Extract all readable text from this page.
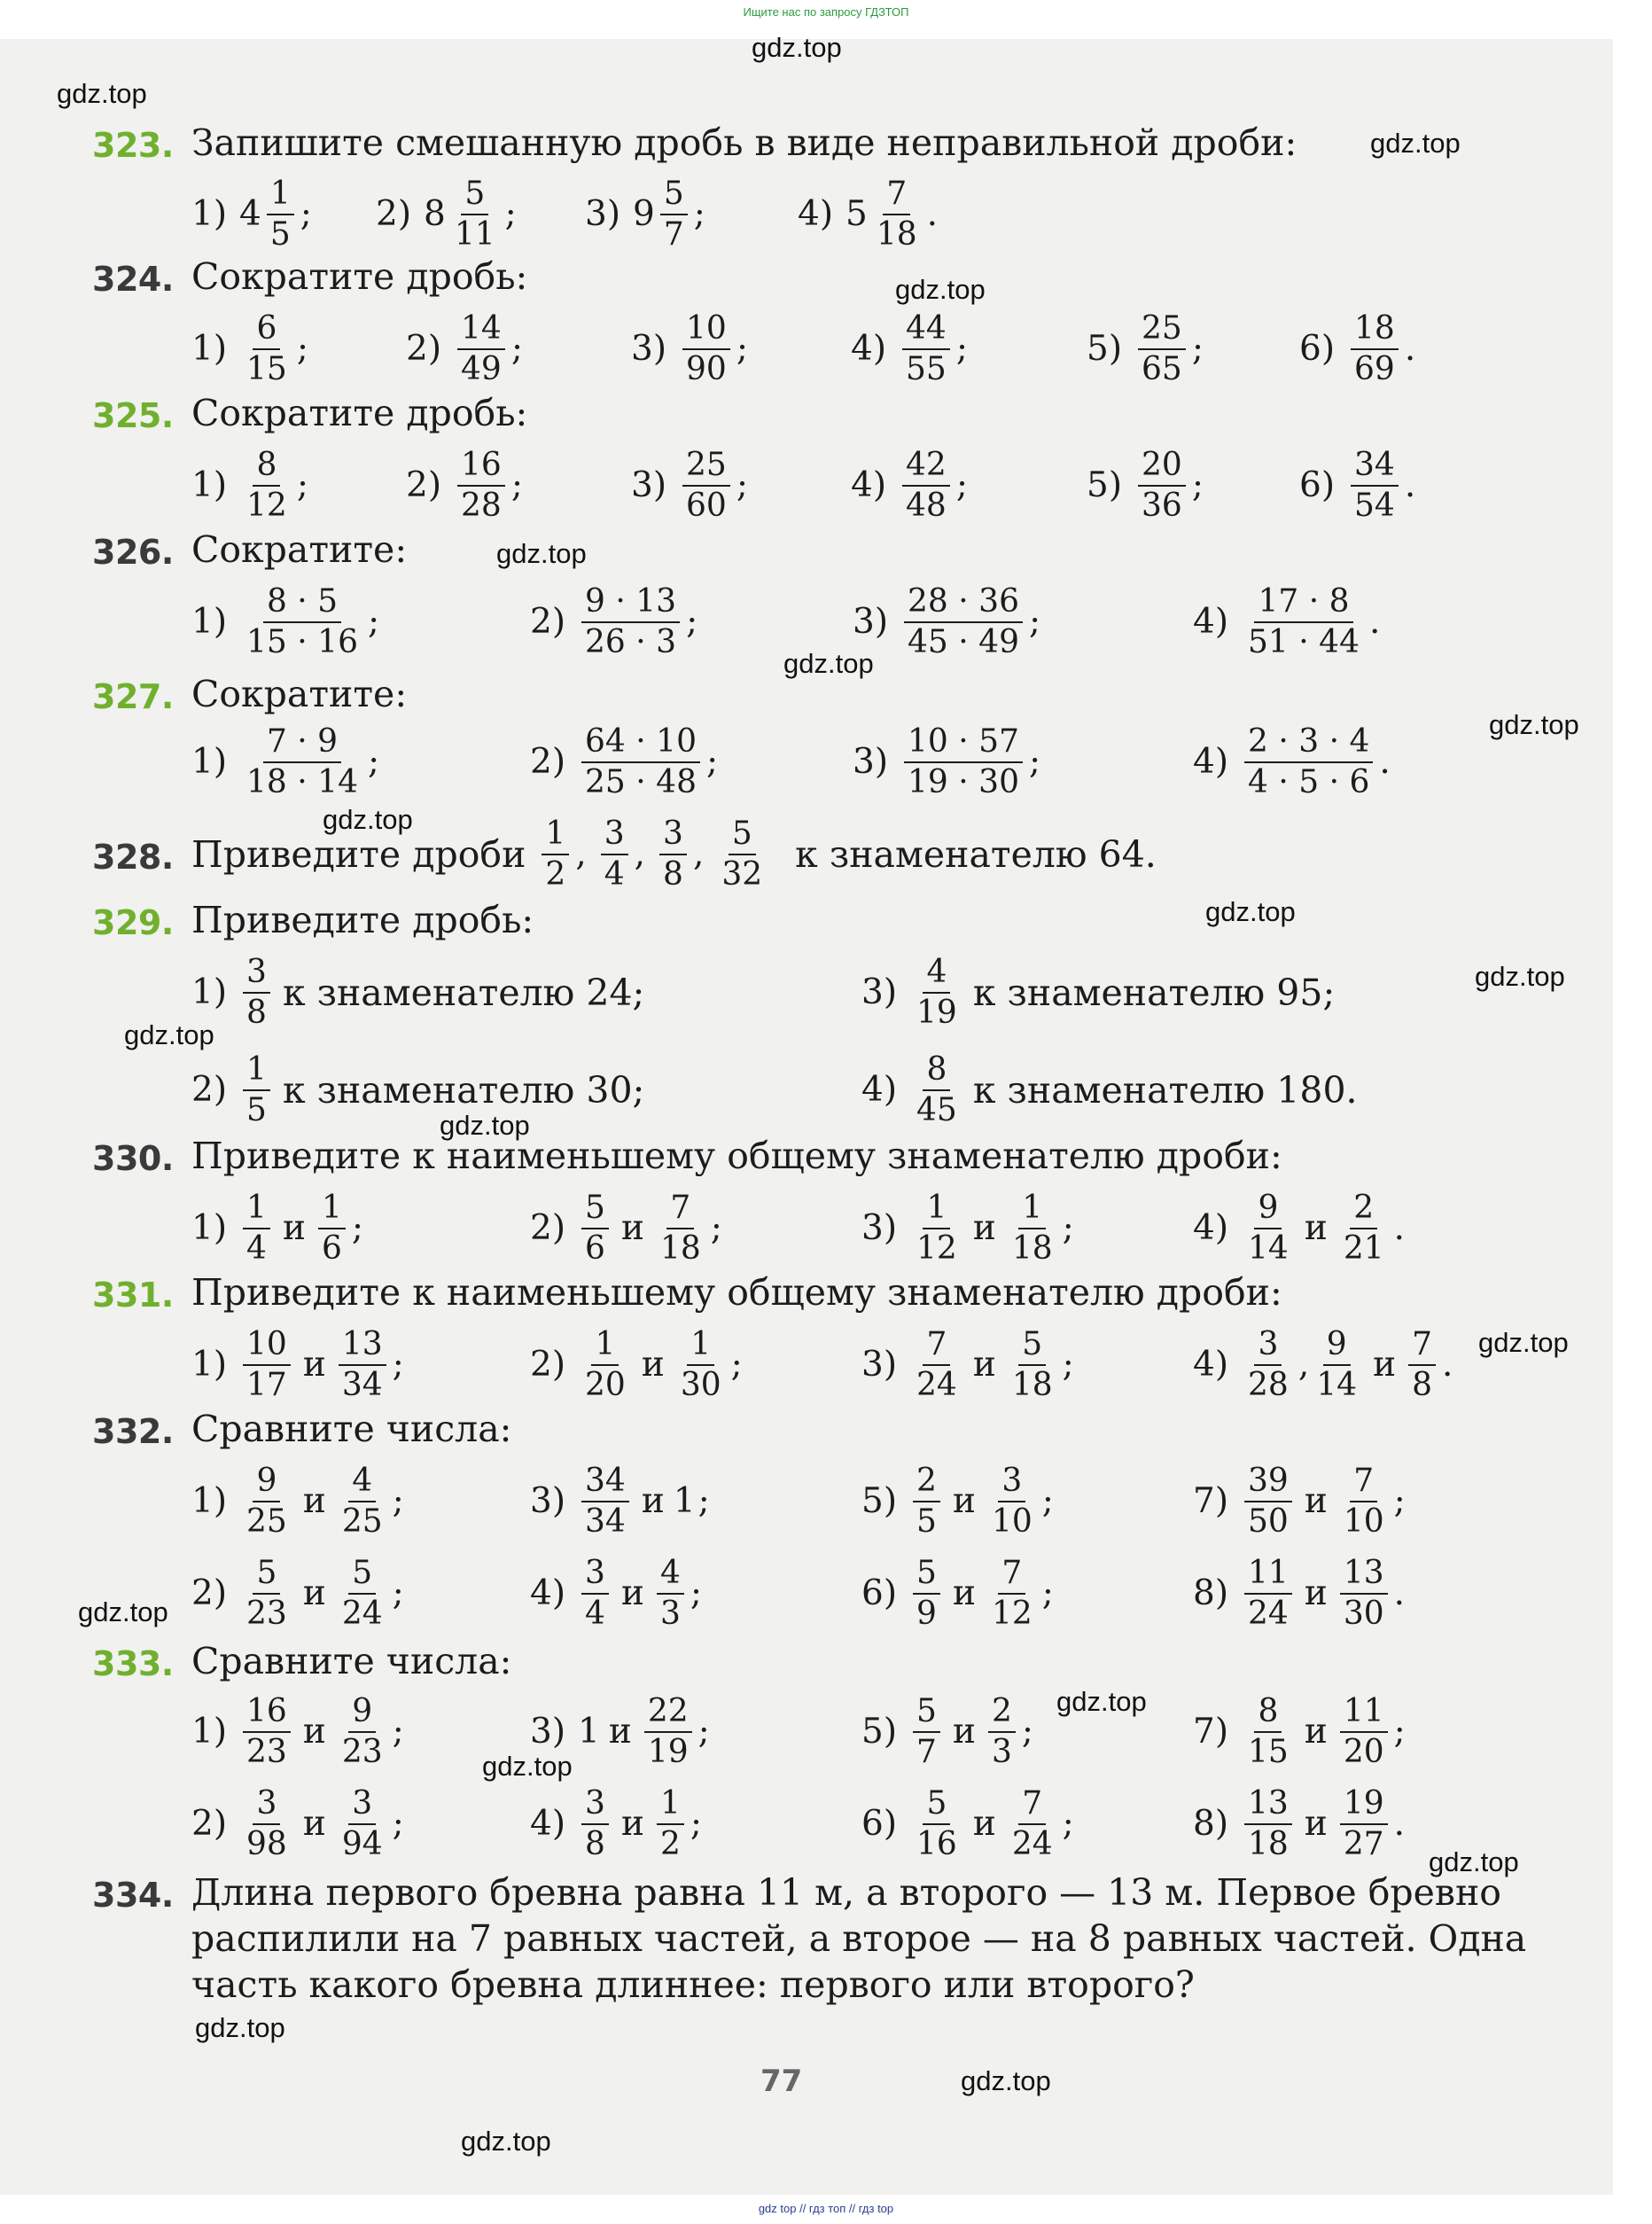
Ищите нас по запросу ГДЗТОП
323. Запишите смешанную дробь в виде неправильной дроби:
1) $4 \frac{1}{5}$ ; 2) $8 \frac{5}{11}$ ; 3) $9 \frac{5}{7}$ ;	4) $5 \frac{7}{18}$ .
324. Сократите дробь:
$1) \frac{6}{15}$ ;	$2) \frac{14}{49}$ ;	$3) \frac{10}{90}$ ;	$4) \frac{44}{55}$ ;	$5) \frac{25}{65}$ ;	$6) \frac{18}{69}$ .
325. Сократите дробь:
$1) \frac{8}{12}$ ;	$2) \frac{16}{28}$ ;	$3) \frac{25}{60}$ ;	$4) \frac{42}{48}$ ;	$5) \frac{20}{36}$ ;	$6) \frac{34}{54}$ .
326. Сократите:
$1) \frac{8 \cdot 5}{15 \cdot 16}$ ;	$2) \frac{9 \cdot 13}{26 \cdot 3}$ ;	$3) \frac{28 \cdot 36}{45 \cdot 49}$ ;	$4) \frac{17 \cdot 8}{51 \cdot 44}$ .
327. Сократите:
$1) \frac{7 \cdot 9}{18 \cdot 14}$ ;	$2) \frac{64 \cdot 10}{25 \cdot 48}$ ;	$3) \frac{10 \cdot 57}{19 \cdot 30}$ ;	$4) \frac{2 \cdot 3 \cdot 4}{4 \cdot 5 \cdot 6}$ .
328. Приведите дроби $\frac{1}{2}$ , $\frac{3}{4}$ , $\frac{3}{8}$ , $\frac{5}{32}$ к знаменателю 64.
329. Приведите дробь:
$1) \frac{3}{8}$ к знаменателю 24;
$2) \frac{1}{5}$ к знаменателю 30;
$3) \frac{4}{19}$ к знаменателю 95;
$4) \frac{8}{45}$ к знаменателю 180.
330. Приведите к наименьшему общему знаменателю дроби:
$1) \frac{1}{4}$ и $\frac{1}{6}$ ;	$2) \frac{5}{6}$ и $\frac{7}{18}$ ;	$3) \frac{1}{12}$ и $\frac{1}{18}$ ;	$4) \frac{9}{14}$ и $\frac{2}{21}$ .
331. Приведите к наименьшему общему знаменателю дроби:
$1) \frac{10}{17}$ и $\frac{13}{34}$ ;	$2) \frac{1}{20}$ и $\frac{1}{30}$ ;	$3) \frac{7}{24}$ и $\frac{5}{18}$ ;	$4) \frac{3}{28}$ , $\frac{9}{14}$ и $\frac{7}{8}$ .
332. Сравните числа:
$1) \frac{9}{25}$ и $\frac{4}{25}$ ;	$3) \frac{34}{34}$ и 1 ;	$5) \frac{2}{5}$ и $\frac{3}{10}$ ;	$7) \frac{39}{50}$ и $\frac{7}{10}$ ;
$2) \frac{5}{23}$ и $\frac{5}{24}$ ;	$4) \frac{3}{4}$ и $\frac{4}{3}$ ;	$6) \frac{5}{9}$ и $\frac{7}{12}$ ;	$8) \frac{11}{24}$ и $\frac{13}{30}$ .
333. Сравните числа:
$1) \frac{16}{23}$ и $\frac{9}{23}$ ;	3) 1 и $\frac{22}{19}$ ;	$5) \frac{5}{7}$ и $\frac{2}{3}$ ;	$7) \frac{8}{15}$ и $\frac{11}{20}$ ;
$2) \frac{3}{98}$ и $\frac{3}{94}$ ;	$4) \frac{3}{8}$ и $\frac{1}{2}$ ;	$6) \frac{5}{16}$ и $\frac{7}{24}$ ;	$8) \frac{13}{18}$ и $\frac{19}{27}$ .
334. Длина первого бревна равна 11 м, а второго — 13 м. Первое бревно
распилили на 7 равных частей, а второе — на 8 равных частей. Одна
часть какого бревна длиннее: первого или второго?
77
gdz.top
gdz.top
gdz.top
gdz.top
gdz.top
gdz.top
gdz.top
gdz.top
gdz.top
gdz.top
gdz.top
gdz.top
gdz.top
gdz.top
gdz.top
gdz.top
gdz.top
gdz.top
gdz.top
gdz.top
gdz top // гдз топ // гдз top
